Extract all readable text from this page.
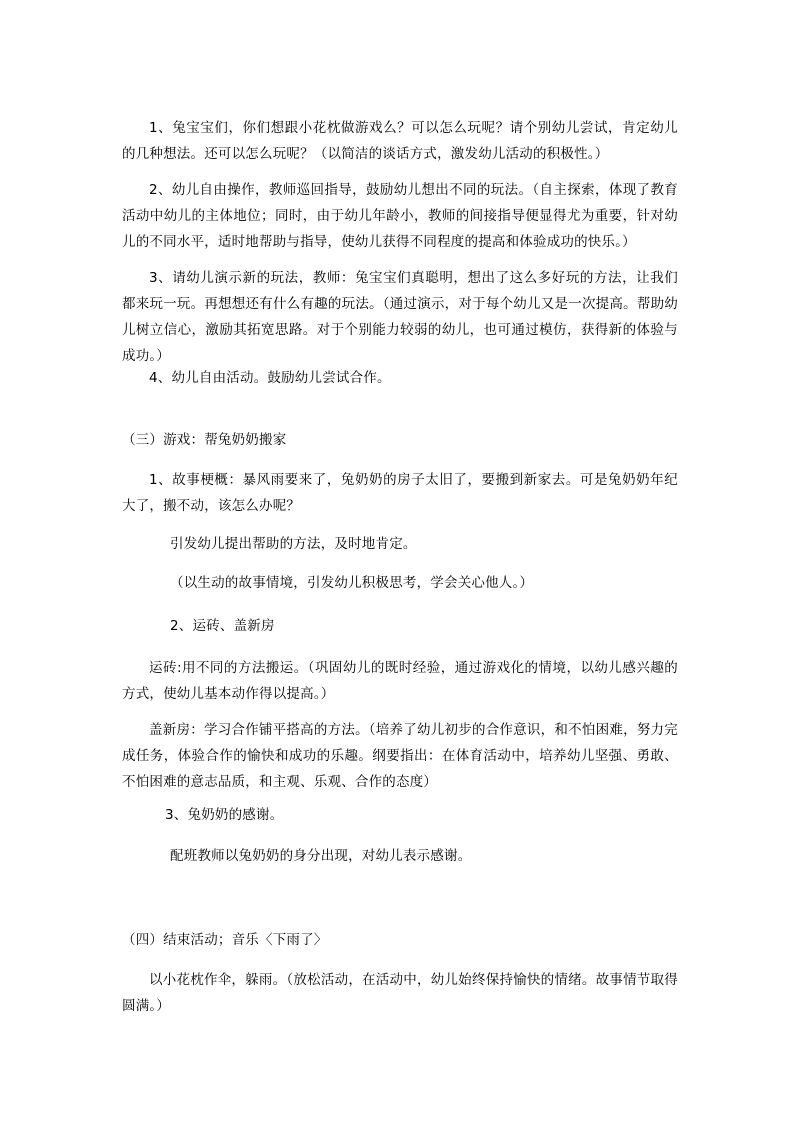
1、兔宝宝们，你们想跟小花枕做游戏么？可以怎么玩呢？请个别幼儿尝试，肯定幼儿的几种想法。还可以怎么玩呢？（以简洁的谈话方式，激发幼儿活动的积极性。）

2、幼儿自由操作，教师巡回指导，鼓励幼儿想出不同的玩法。（自主探索，体现了教育活动中幼儿的主体地位；同时，由于幼儿年龄小，教师的间接指导便显得尤为重要，针对幼儿的不同水平，适时地帮助与指导，使幼儿获得不同程度的提高和体验成功的快乐。）

3、请幼儿演示新的玩法，教师：兔宝宝们真聪明，想出了这么多好玩的方法，让我们都来玩一玩。再想想还有什么有趣的玩法。（通过演示，对于每个幼儿又是一次提高。帮助幼儿树立信心，激励其拓宽思路。对于个别能力较弱的幼儿，也可通过模仿，获得新的体验与成功。）

4、幼儿自由活动。鼓励幼儿尝试合作。

（三）游戏：帮兔奶奶搬家

1、故事梗概：暴风雨要来了，兔奶奶的房子太旧了，要搬到新家去。可是兔奶奶年纪大了，搬不动，该怎么办呢？

引发幼儿提出帮助的方法，及时地肯定。

（以生动的故事情境，引发幼儿积极思考，学会关心他人。）

2、运砖、盖新房

运砖:用不同的方法搬运。（巩固幼儿的既时经验，通过游戏化的情境，以幼儿感兴趣的方式，使幼儿基本动作得以提高。）

盖新房：学习合作铺平搭高的方法。（培养了幼儿初步的合作意识，和不怕困难，努力完成任务，体验合作的愉快和成功的乐趣。纲要指出：在体育活动中，培养幼儿坚强、勇敢、不怕困难的意志品质，和主观、乐观、合作的态度）

3、兔奶奶的感谢。

配班教师以兔奶奶的身分出现，对幼儿表示感谢。

（四）结束活动；音乐〈下雨了〉

以小花枕作伞，躲雨。（放松活动，在活动中，幼儿始终保持愉快的情绪。故事情节取得圆满。）
